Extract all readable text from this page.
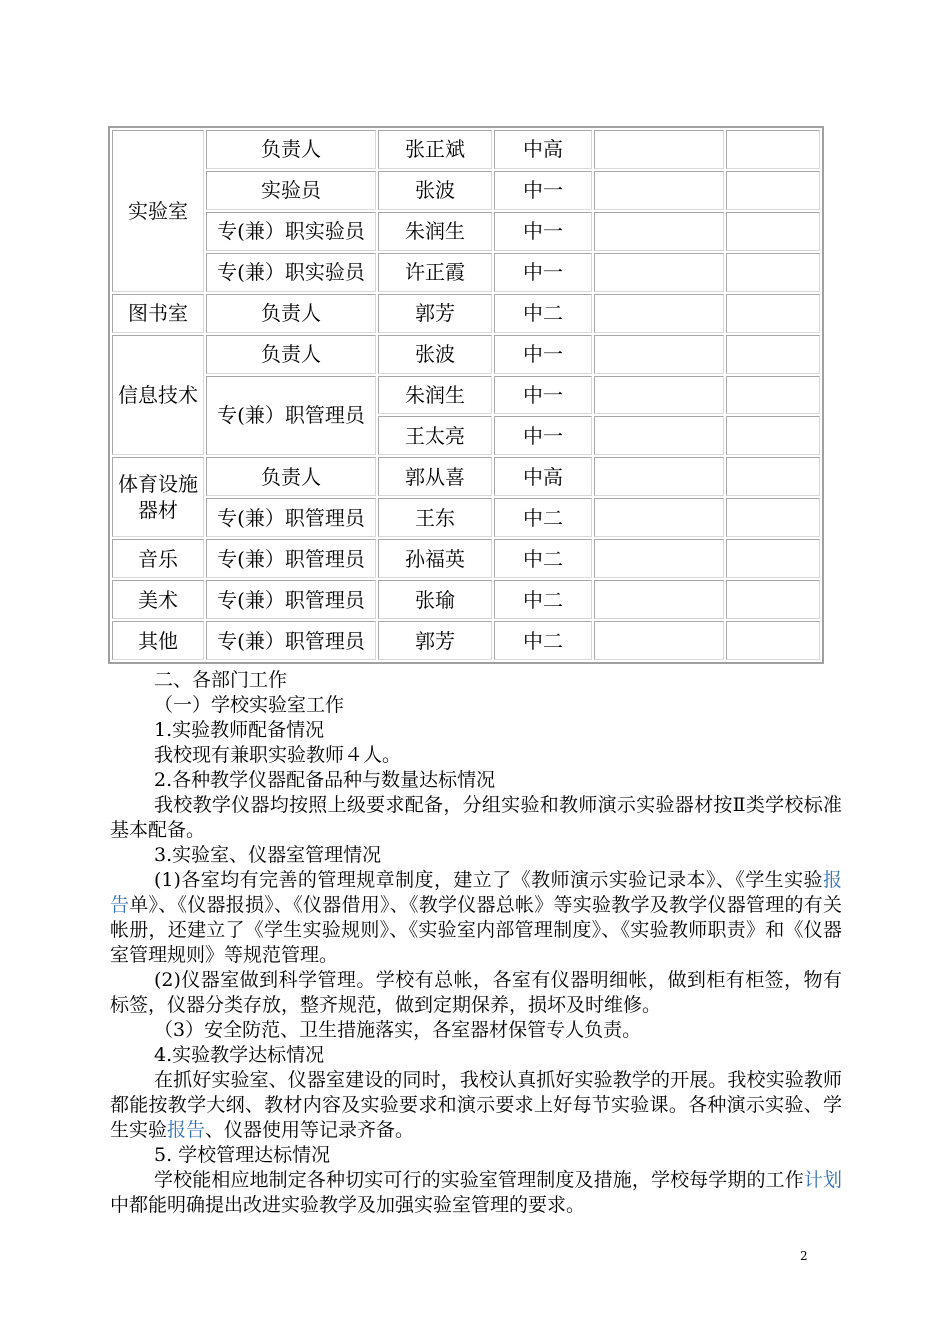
实验室	负责人	张正斌	中高		
	实验员	张波	中一		
	专(兼）职实验员	朱润生	中一		
	专(兼）职实验员	许正霞	中一		
图书室	负责人	郭芳	中二		
信息技术	负责人	张波	中一		
	专(兼）职管理员	朱润生	中一		
		王太亮	中一		
体育设施器材	负责人	郭从喜	中高		
	专(兼）职管理员	王东	中二		
音乐	专(兼）职管理员	孙福英	中二		
美术	专(兼）职管理员	张瑜	中二		
其他	专(兼）职管理员	郭芳	中二		

二、各部门工作

（一）学校实验室工作

1.实验教师配备情况

我校现有兼职实验教师４人。

2.各种教学仪器配备品种与数量达标情况

我校教学仪器均按照上级要求配备，分组实验和教师演示实验器材按Ⅱ类学校标准基本配备。

3.实验室、仪器室管理情况

(1)各室均有完善的管理规章制度，建立了《教师演示实验记录本》、《学生实验报告单》、《仪器报损》、《仪器借用》、《教学仪器总帐》等实验教学及教学仪器管理的有关帐册，还建立了《学生实验规则》、《实验室内部管理制度》、《实验教师职责》和《仪器室管理规则》等规范管理。

(2)仪器室做到科学管理。学校有总帐，各室有仪器明细帐，做到柜有柜签，物有标签，仪器分类存放，整齐规范，做到定期保养，损坏及时维修。

（3）安全防范、卫生措施落实，各室器材保管专人负责。

4.实验教学达标情况

在抓好实验室、仪器室建设的同时，我校认真抓好实验教学的开展。我校实验教师都能按教学大纲、教材内容及实验要求和演示要求上好每节实验课。各种演示实验、学生实验报告、仪器使用等记录齐备。

5. 学校管理达标情况

学校能相应地制定各种切实可行的实验室管理制度及措施，学校每学期的工作计划中都能明确提出改进实验教学及加强实验室管理的要求。

2
